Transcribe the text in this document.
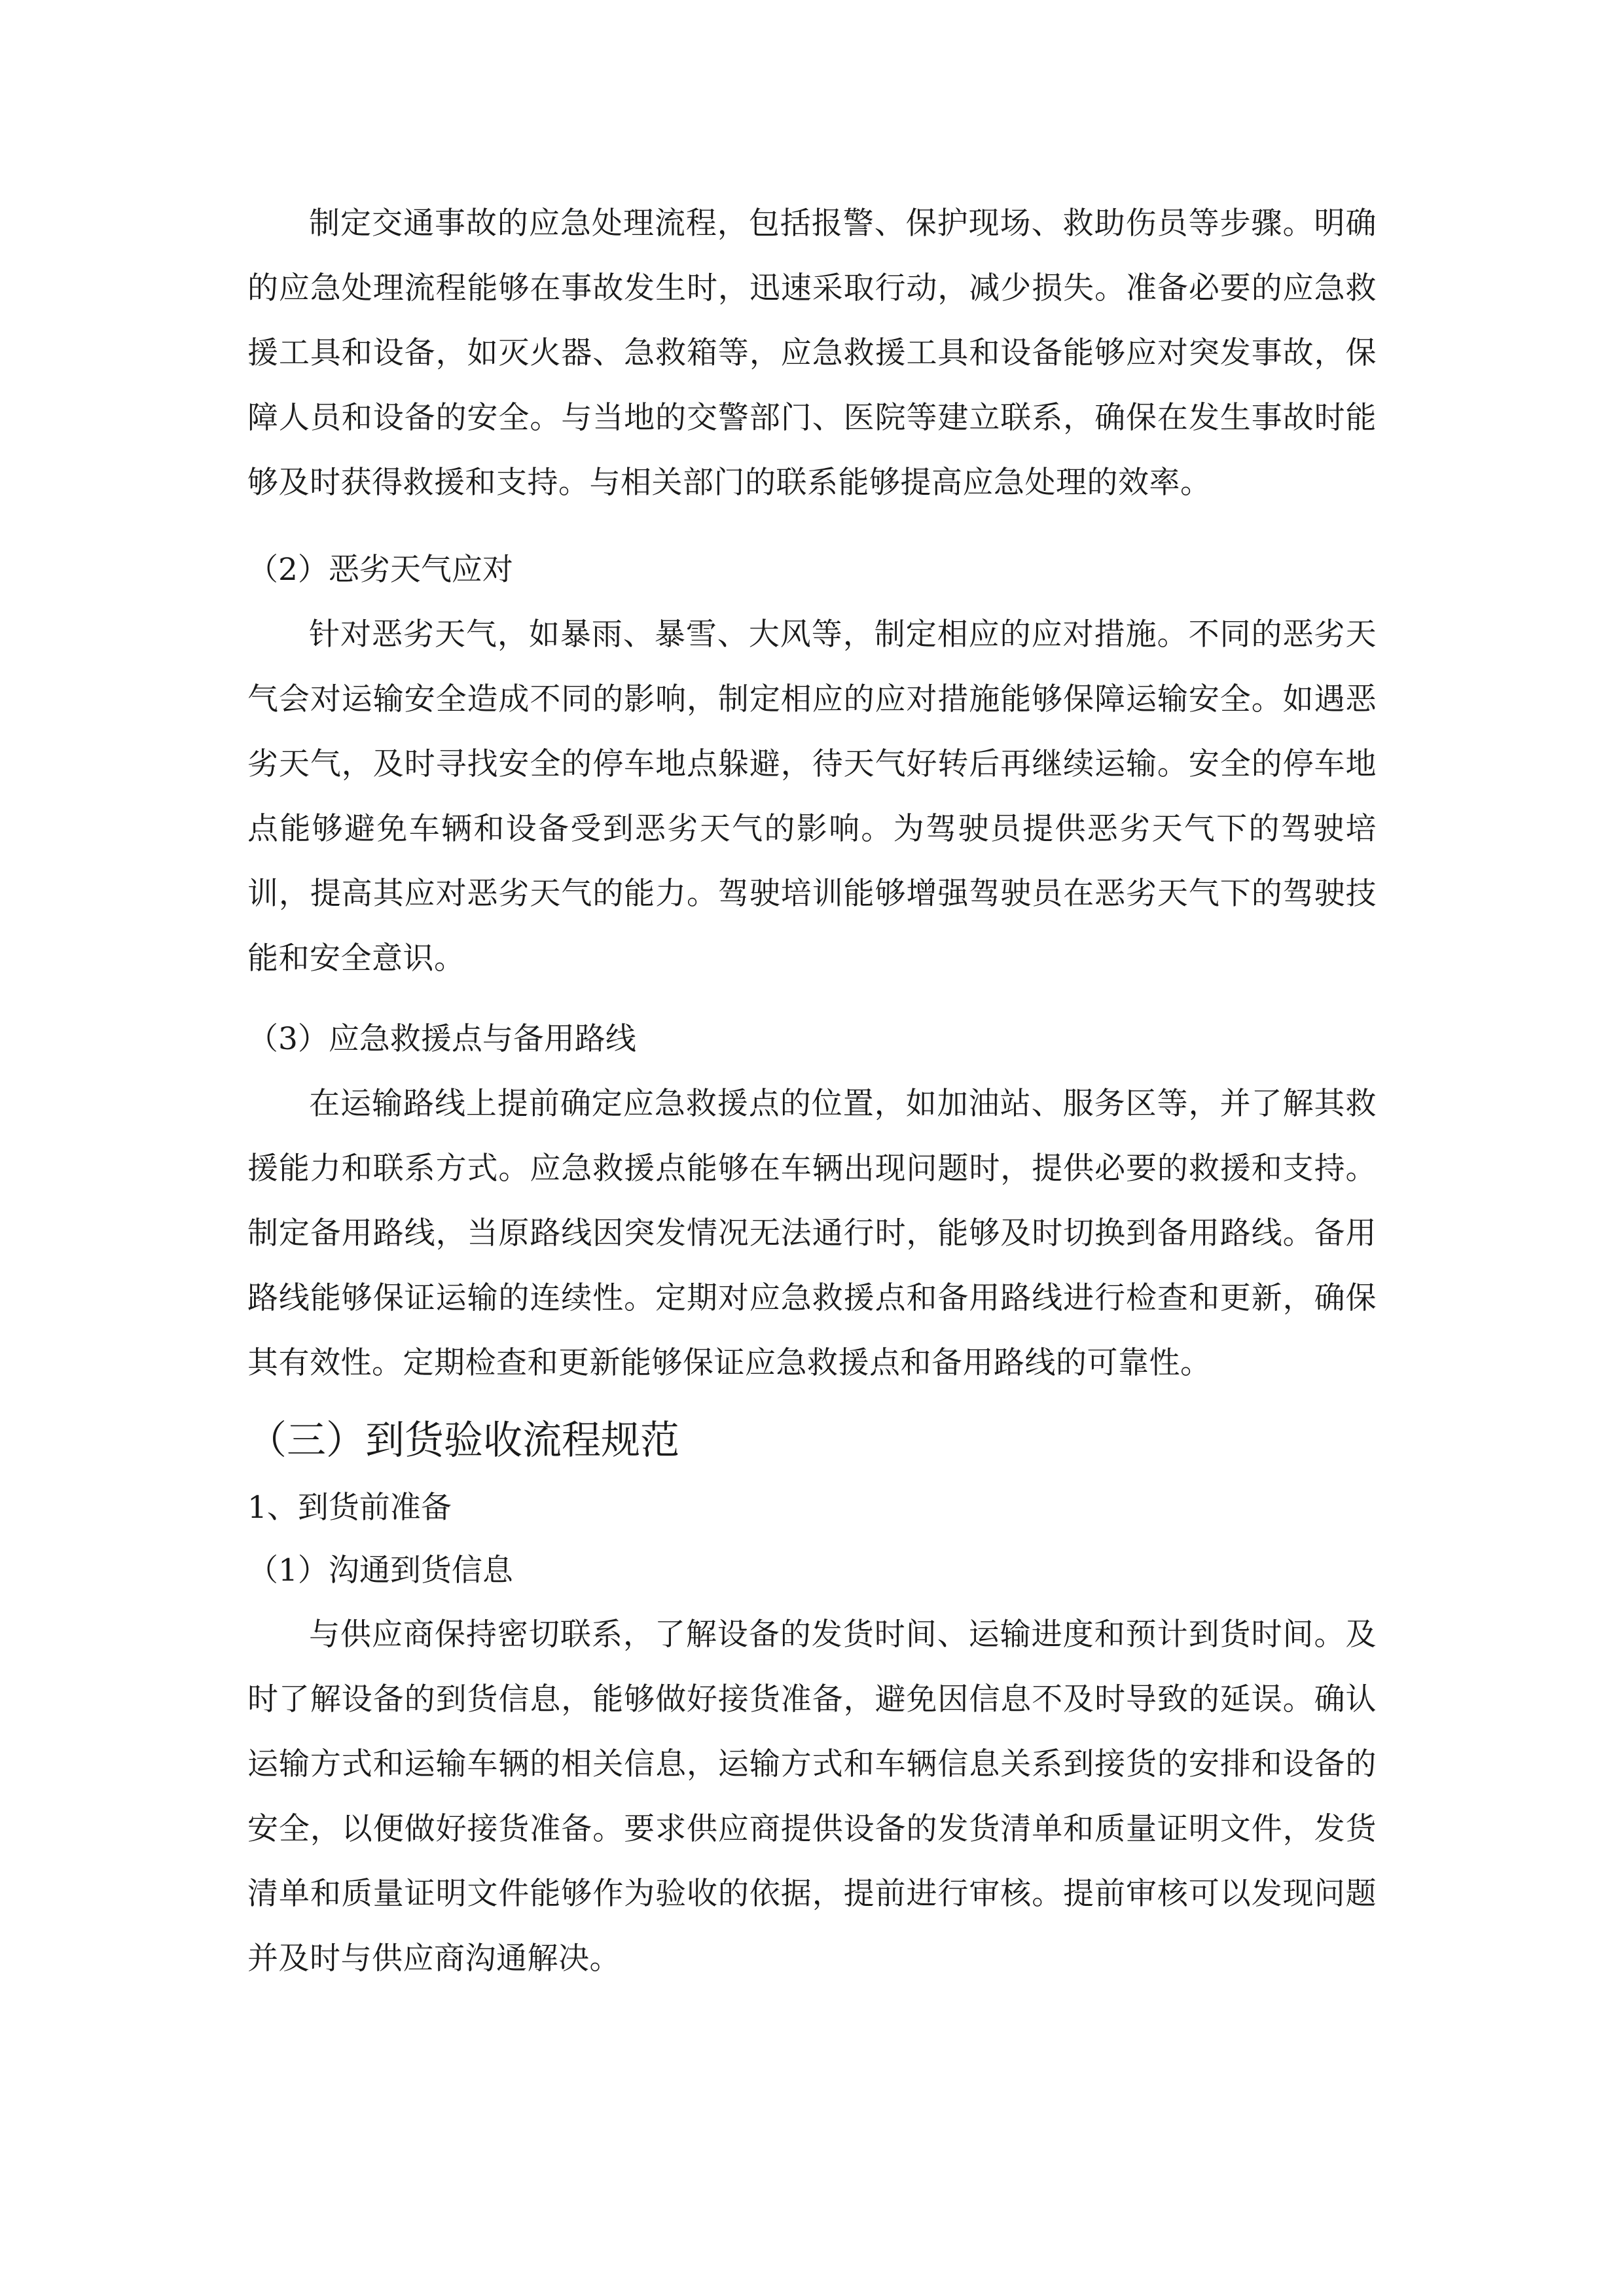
制定交通事故的应急处理流程，包括报警、保护现场、救助伤员等步骤。明确的应急处理流程能够在事故发生时，迅速采取行动，减少损失。准备必要的应急救援工具和设备，如灭火器、急救箱等，应急救援工具和设备能够应对突发事故，保障人员和设备的安全。与当地的交警部门、医院等建立联系，确保在发生事故时能够及时获得救援和支持。与相关部门的联系能够提高应急处理的效率。

（2）恶劣天气应对

针对恶劣天气，如暴雨、暴雪、大风等，制定相应的应对措施。不同的恶劣天气会对运输安全造成不同的影响，制定相应的应对措施能够保障运输安全。如遇恶劣天气，及时寻找安全的停车地点躲避，待天气好转后再继续运输。安全的停车地点能够避免车辆和设备受到恶劣天气的影响。为驾驶员提供恶劣天气下的驾驶培训，提高其应对恶劣天气的能力。驾驶培训能够增强驾驶员在恶劣天气下的驾驶技能和安全意识。

（3）应急救援点与备用路线

在运输路线上提前确定应急救援点的位置，如加油站、服务区等，并了解其救援能力和联系方式。应急救援点能够在车辆出现问题时，提供必要的救援和支持。制定备用路线，当原路线因突发情况无法通行时，能够及时切换到备用路线。备用路线能够保证运输的连续性。定期对应急救援点和备用路线进行检查和更新，确保其有效性。定期检查和更新能够保证应急救援点和备用路线的可靠性。

（三）到货验收流程规范

1、到货前准备

（1）沟通到货信息

与供应商保持密切联系，了解设备的发货时间、运输进度和预计到货时间。及时了解设备的到货信息，能够做好接货准备，避免因信息不及时导致的延误。确认运输方式和运输车辆的相关信息，运输方式和车辆信息关系到接货的安排和设备的安全，以便做好接货准备。要求供应商提供设备的发货清单和质量证明文件，发货清单和质量证明文件能够作为验收的依据，提前进行审核。提前审核可以发现问题并及时与供应商沟通解决。
